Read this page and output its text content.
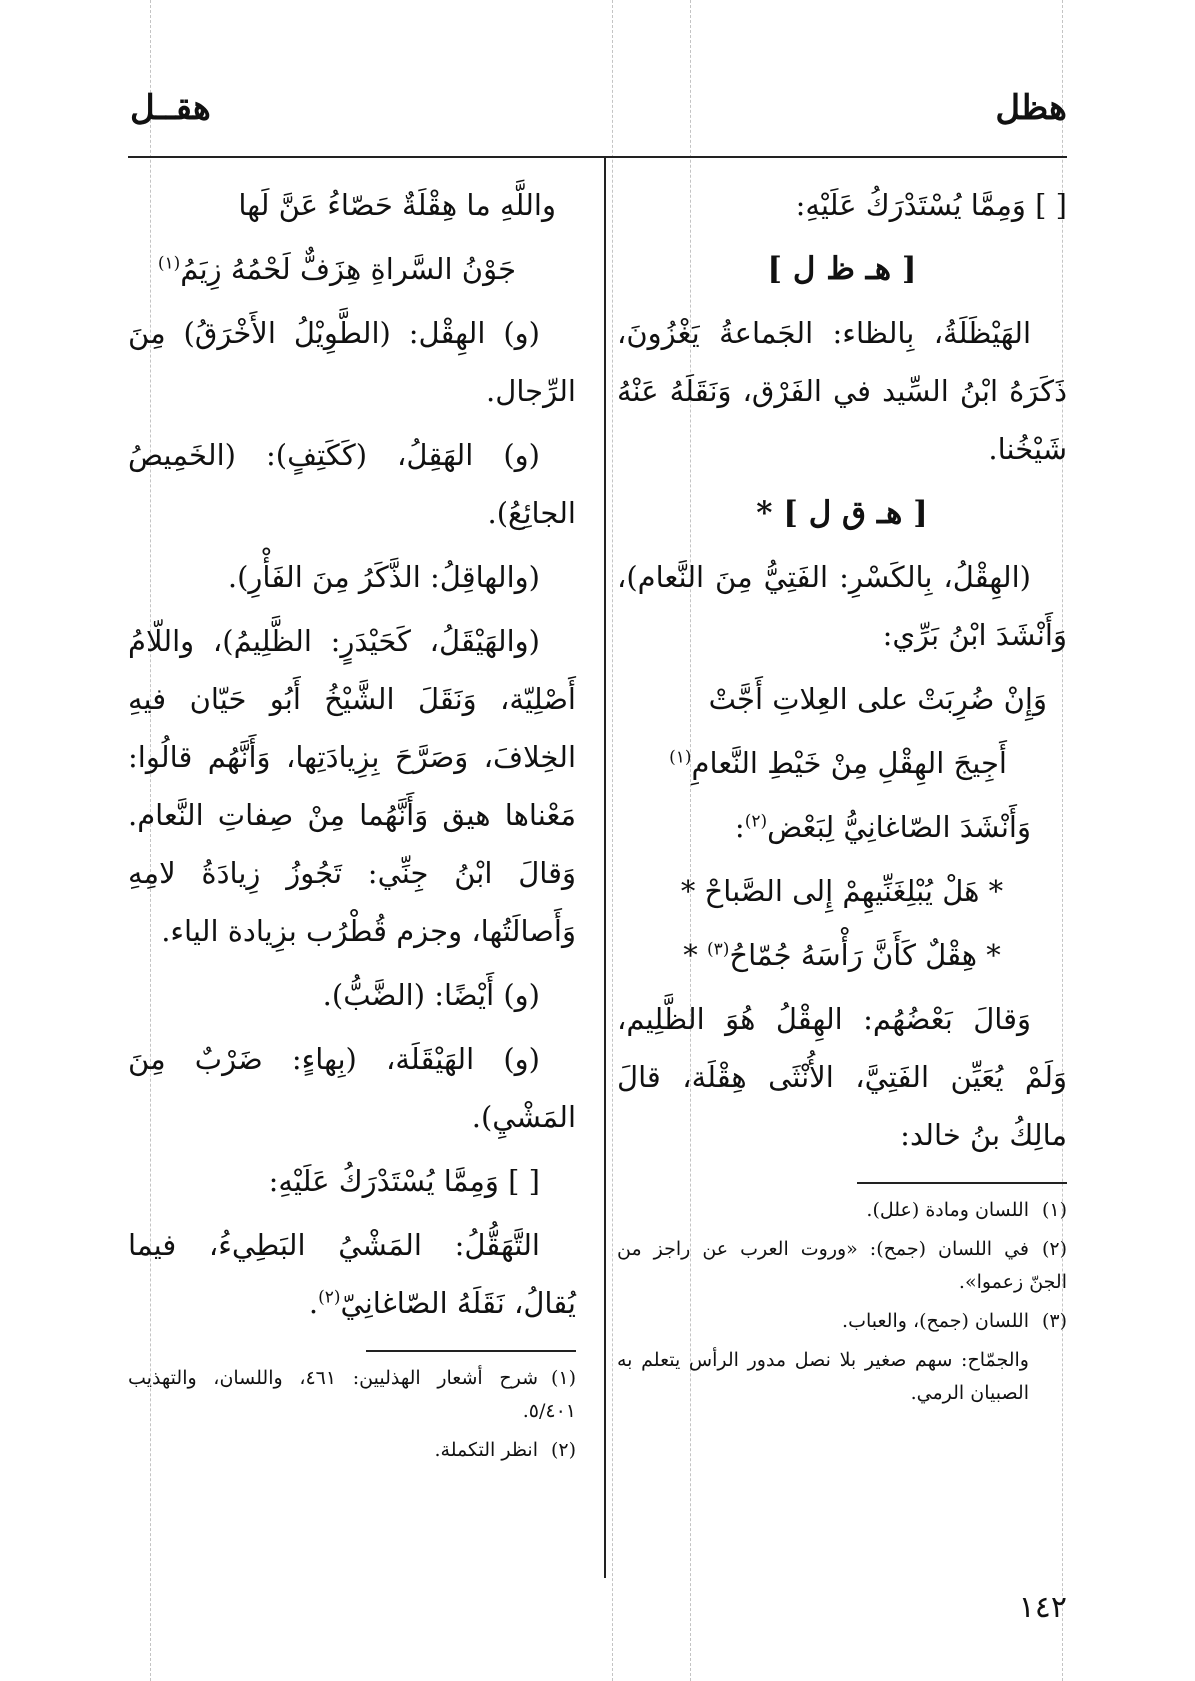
هظل
هقــل

[ ] وَمِمَّا يُسْتَدْرَكُ عَلَيْهِ:

[ هـ ظ ل ]

الهَيْظَلَةُ، بِالظاء: الجَماعةُ يَغْزُونَ، ذَكَرَهُ ابْنُ السِّيد في الفَرْق، وَنَقَلَهُ عَنْهُ شَيْخُنا.

[ هـ ق ل ] *

(الهِقْلُ، بِالكَسْرِ: الفَتِيُّ مِنَ النَّعام)، وَأَنْشَدَ ابْنُ بَرِّي:

وَإِنْ ضُرِبَتْ على العِلاتِ أَجَّتْ

أَجِيجَ الهِقْلِ مِنْ خَيْطِ النَّعامِ$^{(١)}$

وَأَنْشَدَ الصّاغانِيُّ لِبَعْض$^{(٢)}$:

* هَلْ يُبْلِغَنِّيهِمْ إِلى الصَّباحْ *

* هِقْلٌ كَأَنَّ رَأْسَهُ جُمّاحُ$^{(٣)}$ *

وَقالَ بَعْضُهُم: الهِقْلُ هُوَ الظَّلِيم، وَلَمْ يُعَيِّن الفَتِيَّ، الأُنْثَى هِقْلَة، قالَ مالِكُ بنُ خالد:

(١)اللسان ومادة (علل).

(٢)في اللسان (جمح): «وروت العرب عن راجز من الجنّ زعموا».

(٣)اللسان (جمح)، والعباب.

والجمّاح: سهم صغير بلا نصل مدور الرأس يتعلم به الصبيان الرمي.

واللَّهِ ما هِقْلَةٌ حَصّاءُ عَنَّ لَها

جَوْنُ السَّراةِ هِزَفٌّ لَحْمُهُ زِيَمُ$^{(١)}$

(و) الهِقْل: (الطَّوِيْلُ الأَخْرَقُ) مِنَ الرِّجال.

(و) الهَقِلُ، (كَكَتِفٍ): (الخَمِيصُ الجائِعُ).

(والهاقِلُ: الذَّكَرُ مِنَ الفَأْرِ).

(والهَيْقَلُ، كَحَيْدَرٍ: الظَّلِيمُ)، واللّامُ أَصْلِيّة، وَنَقَلَ الشَّيْخُ أَبُو حَيّان فيهِ الخِلافَ، وَصَرَّحَ بِزِيادَتِها، وَأَنَّهُم قالُوا: مَعْناها هيق وَأَنَّهُما مِنْ صِفاتِ النَّعام. وَقالَ ابْنُ جِنِّي: تَجُوزُ زِيادَةُ لامِهِ وَأَصالَتُها، وجزم قُطْرُب بزِيادة الياء.

(و) أَيْضًا: (الضَّبُّ).

(و) الهَيْقَلَة، (بِهاءٍ: ضَرْبٌ مِنَ المَشْيِ).

[ ] وَمِمَّا يُسْتَدْرَكُ عَلَيْهِ:

التَّهَقُّلُ: المَشْيُ البَطِيءُ، فيما يُقالُ، نَقَلَهُ الصّاغانِيّ$^{(٢)}$.

(١)شرح أشعار الهذليين: ٤٦١، واللسان، والتهذيب ٥/٤٠١.

(٢)انظر التكملة.

١٤٢
